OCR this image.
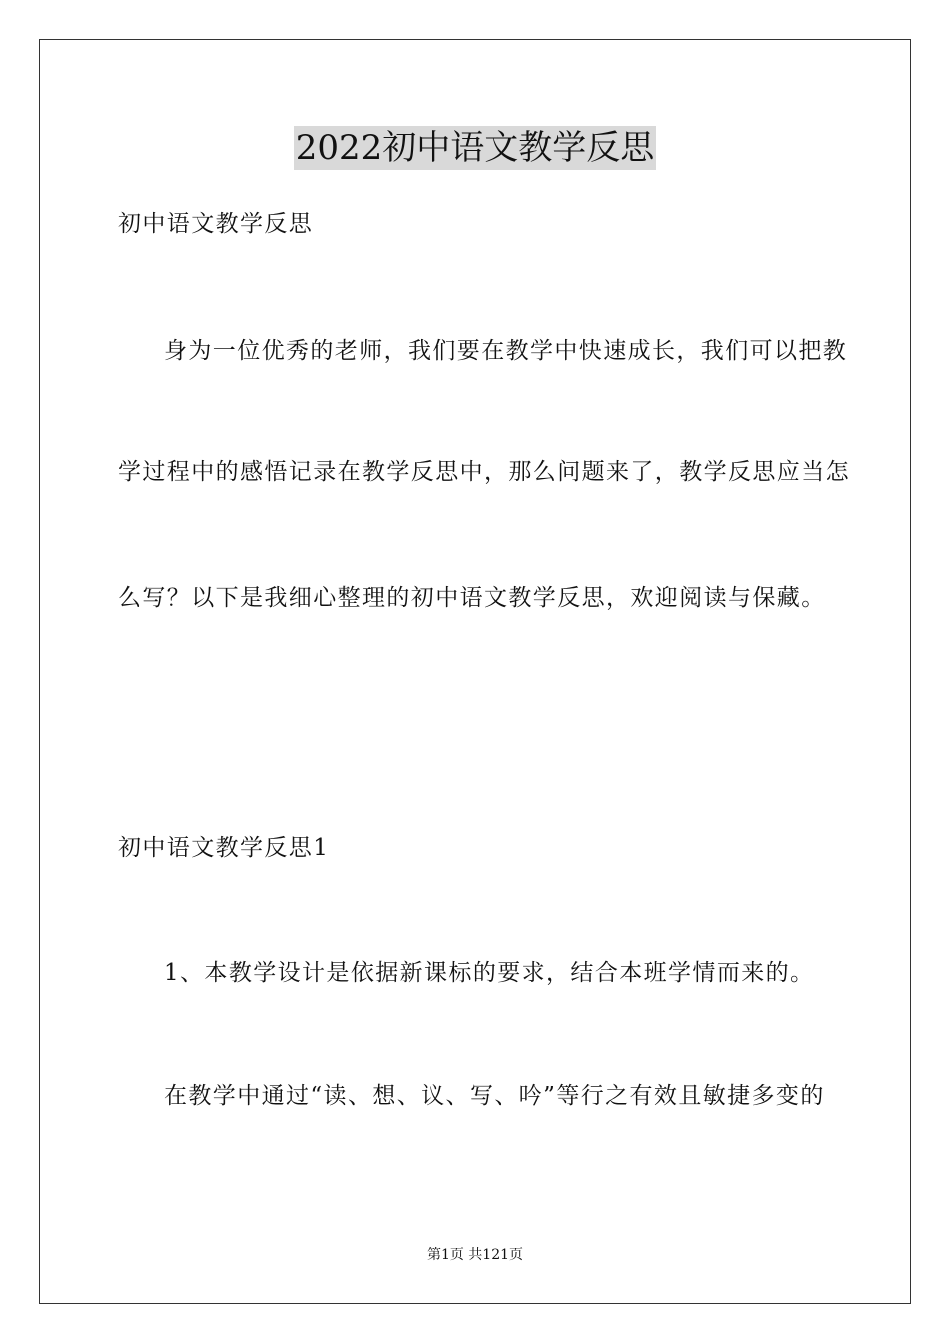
2022初中语文教学反思
初中语文教学反思
身为一位优秀的老师，我们要在教学中快速成长，我们可以把教
学过程中的感悟记录在教学反思中，那么问题来了，教学反思应当怎
么写？以下是我细心整理的初中语文教学反思，欢迎阅读与保藏。
初中语文教学反思1
1、本教学设计是依据新课标的要求，结合本班学情而来的。
在教学中通过“读、想、议、写、吟”等行之有效且敏捷多变的
第1页 共121页
